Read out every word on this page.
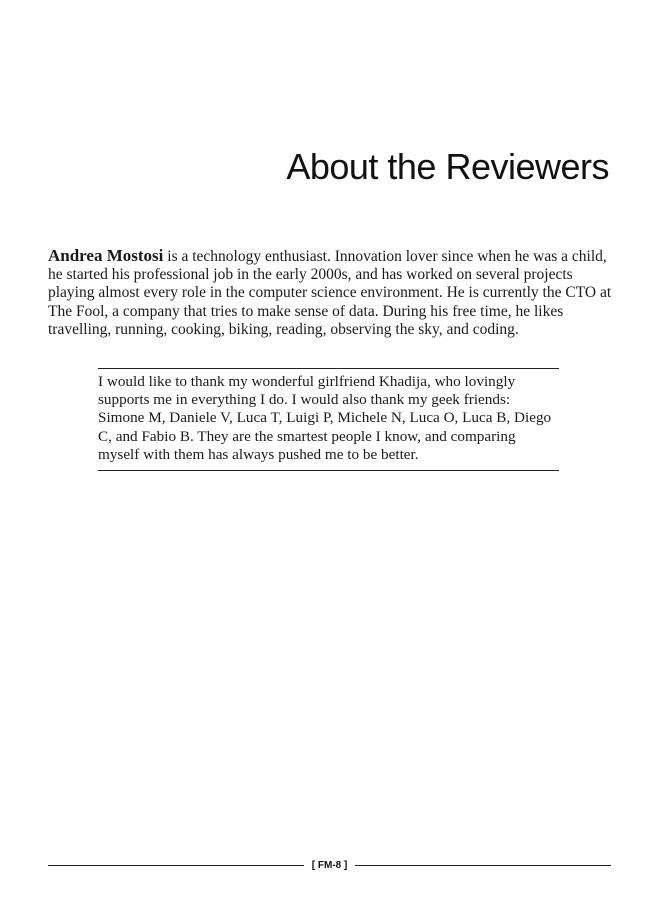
About the Reviewers

Andrea Mostosi is a technology enthusiast. Innovation lover since when he was a child, he started his professional job in the early 2000s, and has worked on several projects playing almost every role in the computer science environment. He is currently the CTO at The Fool, a company that tries to make sense of data. During his free time, he likes travelling, running, cooking, biking, reading, observing the sky, and coding.

I would like to thank my wonderful girlfriend Khadija, who lovingly supports me in everything I do. I would also thank my geek friends: Simone M, Daniele V, Luca T, Luigi P, Michele N, Luca O, Luca B, Diego C, and Fabio B. They are the smartest people I know, and comparing myself with them has always pushed me to be better.

[ FM-8 ]
